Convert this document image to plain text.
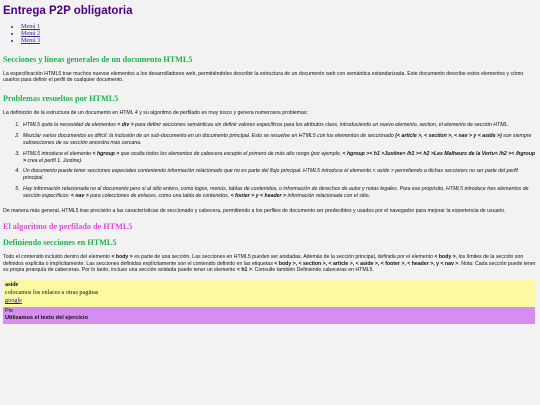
Entrega P2P obligatoria
• Menú 1
• Menú 2
• Menú 3
Secciones y líneas generales de un documento HTML5

La especificación HTML5 trae muchos nuevos elementos a los desarrolladores web, permitiéndoles describir la estructura de un documento web con semántica estandarizada. Este documento describe estos elementos y cómo usarlos para definir el perfil de cualquier documento.

Problemas resueltos por HTML5

La definición de la estructura de un documento en HTML 4 y su algoritmo de perfilado es muy tosco y genera numerosos problemas:

1. HTML5 quita la necesidad de elementos < div > para definir secciones semánticas sin definir valores específicos para los atributos class, introduciendo un nuevo elemento, section, el elemento de sección HTML.
2. Mezclar varios documentos es difícil: la inclusión de un sub-documento en un documento principal. Esto se resuelve en HTML5 con los elementos de seccionado (< article >, < section >, < nav > y < aside >) son siempre subsecciones de su sección ancestra más cercana.
3. HTML5 introduce el elemento < hgroup > que oculta todos los elementos de cabecera excepto el primero de más alto rango (por ejemplo, < hgroup >< h1 >Justine< /h1 >< h2 >Les Malheurs de la Vertu< /h2 >< /hgroup > crea el perfil 1. Justine).
4. Un documento puede tener secciones especiales conteniendo información relacionado que no es parte del flujo principal. HTML5 introduce el elemento < aside > permitiendo a dichas secciones no ser parte del perfil principal.
5. Hay información relacionada no al documento pero si al sitio entero, como logos, menús, tablas de contenidos, o información de derechos de autor y notas legales. Para ese propósito, HTML5 introduce tres elementos de sección específicos: < nav > para colecciones de enlaces, como una tabla de contenidos, < footer > y < header > información relacionada con el sitio.

De manera más general, HTML5 trae precisión a las características de seccionado y cabecera, permitiendo a los perfiles de documento ser predecibles y usados por el navegador para mejorar la experiencia de usuario.

El algoritmo de perfilado de HTML5
Definiendo secciones en HTML5

Todo el contenido incluido dentro del elemento < body > es parte de una sección. Las secciones en HTML5 pueden ser anidadas. Además de la sección principal, definida por el elemento < body >, los límites de la sección son definidos explícita o implícitamente. Las secciones definidas explícitamente son el contenido definido en las etiquetas < body >, < section >, < article >, < aside >, < footer >, < header >, y < nav >. Nota: Cada sección puede tener su propia jerarquía de cabeceras. Por lo tanto, incluso una sección anidada puede tener un elemento < h1 >. Consulte también Definiendo cabeceras en HTML5.

aside
colocamos los enlaces a otras paginas
google
Pie
Utilizamos el texto del ejercicio
